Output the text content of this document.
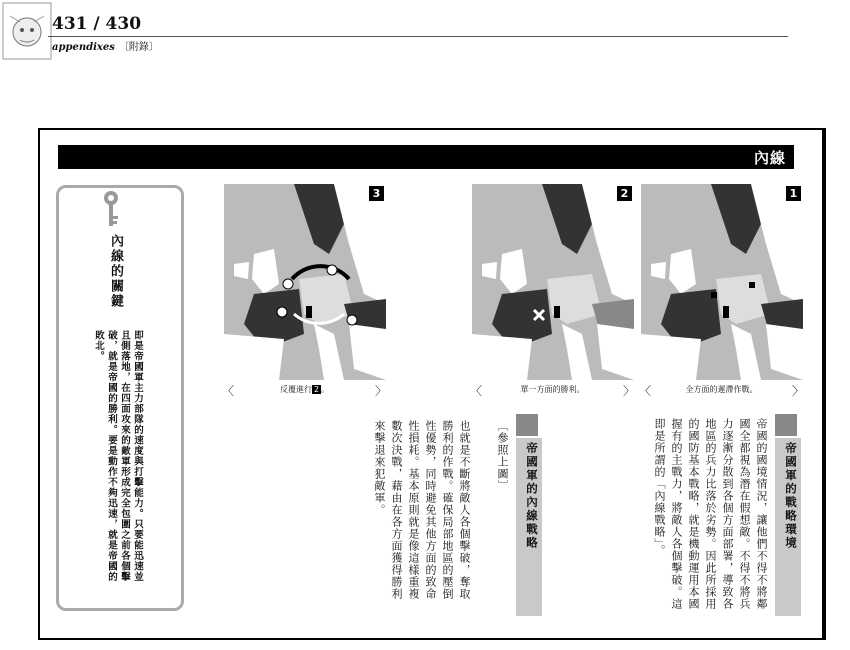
431 / 430
appendixes 〔附錄〕
內線
內線的關鍵
即是帝國軍主力部隊的速度與打擊能力。只要能迅速並且側落地，在四面攻來的敵軍形成完全包圍之前各個擊破，就是帝國的勝利。要是動作不夠迅速，就是帝國的敗北。
3
〈	反覆進行 2 。	〉
2
〈	單一方面的勝利。	〉
1
〈	全方面的遲滯作戰。	〉
帝國軍的戰略環境
帝國的國境情況，讓他們不得不將鄰國全都視為潛在假想敵。不得不將兵力逐漸分散到各個方面部署，導致各地區的兵力比落於劣勢。因此所採用的國防基本戰略，就是機動運用本國握有的主戰力，將敵人各個擊破。這即是所謂的「內線戰略」。
帝國軍的內線戰略
〔參照上圖〕
也就是不斷將敵人各個擊破，奪取勝利的作戰。確保局部地區的壓倒性優勢，同時避免其他方面的致命性損耗。基本原則就是像這樣重複數次決戰，藉由在各方面獲得勝利來擊退來犯敵軍。
